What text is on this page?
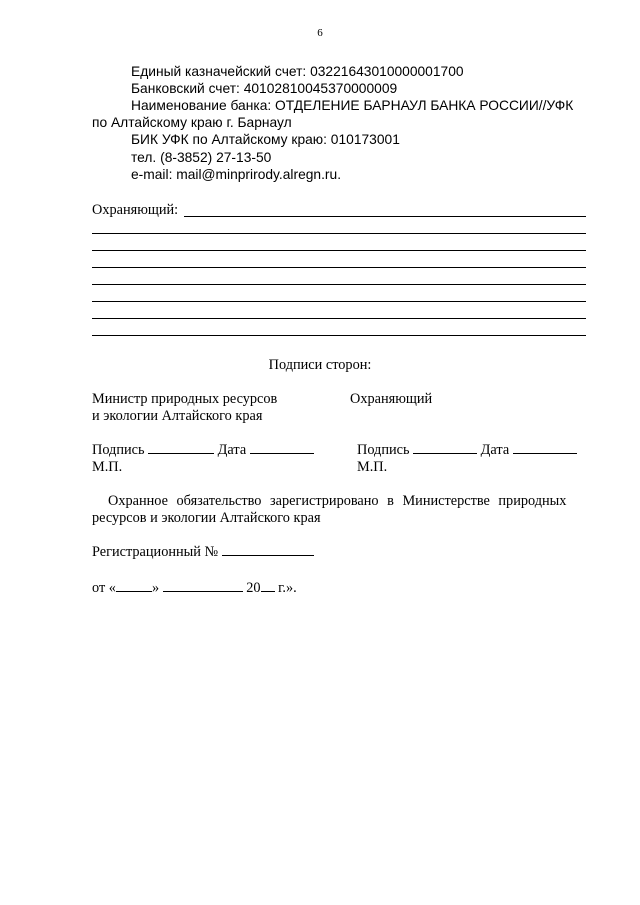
6
Единый казначейский счет: 03221643010000001700
Банковский счет: 40102810045370000009
Наименование банка: ОТДЕЛЕНИЕ БАРНАУЛ БАНКА РОССИИ//УФК
по Алтайскому краю г. Барнаул
БИК УФК по Алтайскому краю: 010173001
тел. (8-3852) 27-13-50
e-mail: mail@minprirody.alregn.ru.
Охраняющий:
Подписи сторон:
Министр природных ресурсов
и экологии Алтайского края
Охраняющий
Подпись	Дата
М.П.
Подпись	Дата
М.П.
Охранное обязательство зарегистрировано в Министерстве природных
ресурсов и экологии Алтайского края
Регистрационный №
от «	»	20 г.».
